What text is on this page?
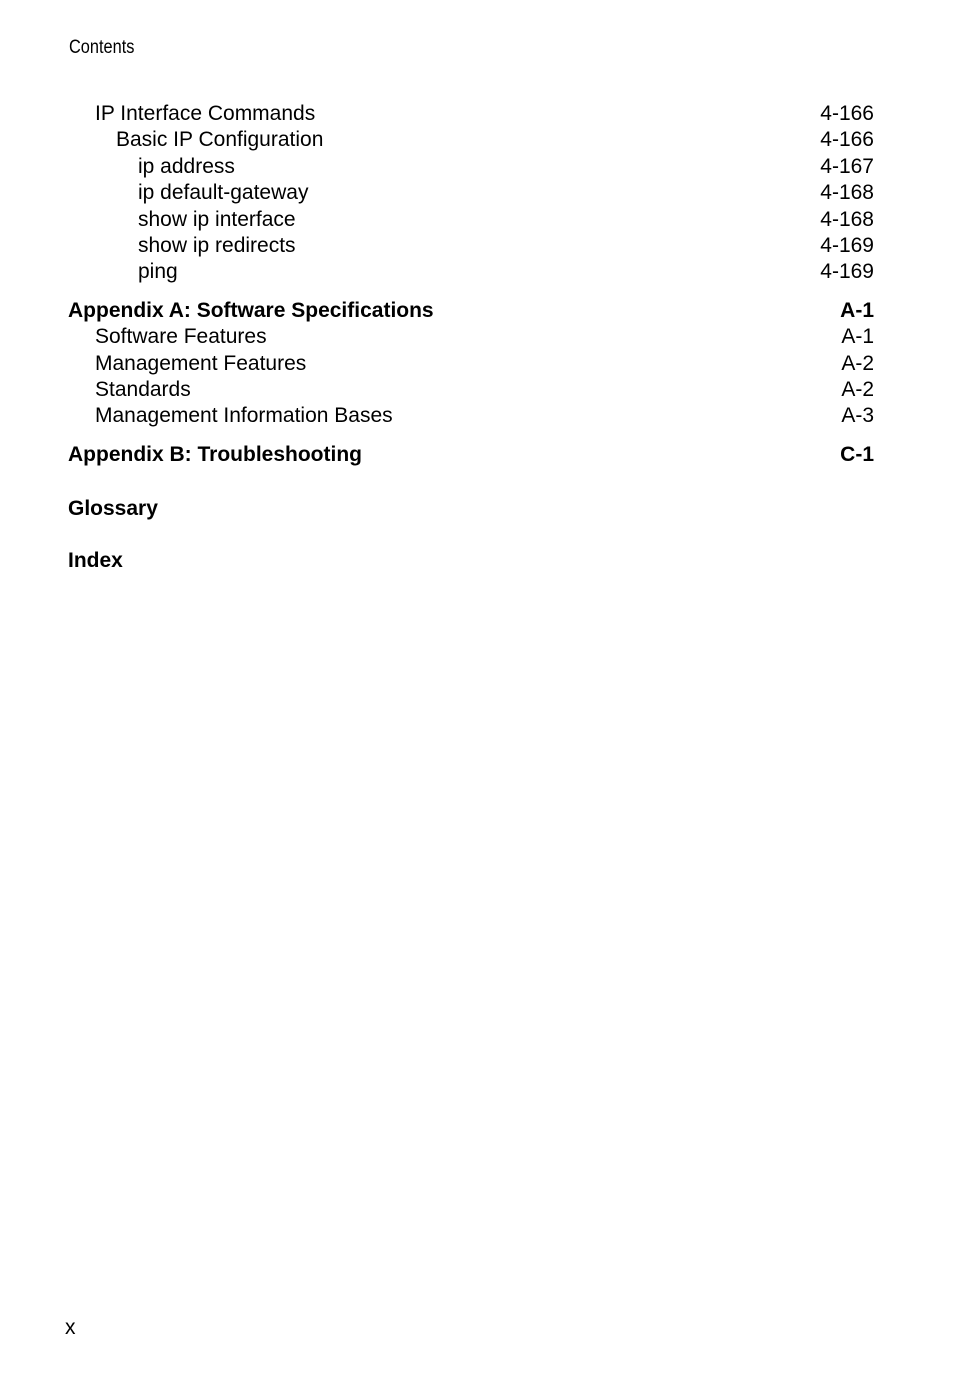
Contents
IP Interface Commands	4-166
Basic IP Configuration	4-166
ip address	4-167
ip default-gateway	4-168
show ip interface	4-168
show ip redirects	4-169
ping	4-169
Appendix A: Software Specifications	A-1
Software Features	A-1
Management Features	A-2
Standards	A-2
Management Information Bases	A-3
Appendix B: Troubleshooting	C-1
Glossary
Index
x
